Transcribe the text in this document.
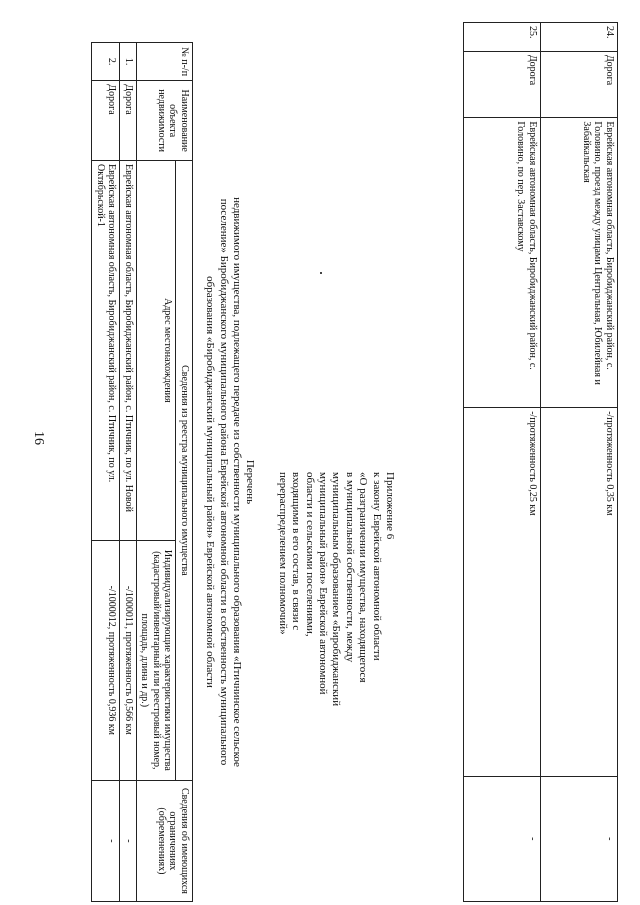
16
24.	Дорога	Еврейская автономная область, Биробиджанский район, с. Головино, проезд между улицами Центральная, Юбилейная и Забайкальская	-/протяженность 0,35 км	-
25.	Дорога	Еврейская автономная область, Биробиджанский район, с. Головино, по пер. Заставскому	-/протяженность 0,25 км	-
Приложение 6
к закону Еврейской автономной области
«О разграничении имущества, находящегося
в муниципальной собственности, между
муниципальным образованием «Биробиджанский
муниципальный район» Еврейской автономной
области и сельскими поселениями,
входящими в его состав, в связи с
перераспределением полномочий»
Перечень
недвижимого имущества, подлежащего передаче из собственности муниципального образования «Птичнинское сельское
поселение» Биробиджанского муниципального района Еврейской автономной области в собственность муниципального
образования «Биробиджанский муниципальный район» Еврейской автономной области
№ п-/п	Наименование объекта недвижимости	Сведения из реестра муниципального имущества		Сведения об имеющихся ограничениях (обременениях)
		Адрес местонахождения	Индивидуализирующие характеристики имущества (кадастровый/инвентарный или реестровый номер, площадь, длина и др.)	
1.	Дорога	Еврейская автономная область, Биробиджанский район, с. Птичник, по ул. Новой	-/1000011, протяженность 0,566 км	-
2.	Дорога	Еврейская автономная область, Биробиджанский район, с. Птичник, по ул. Октябрьской-1	-/1000012, протяженность 0,936 км	-
